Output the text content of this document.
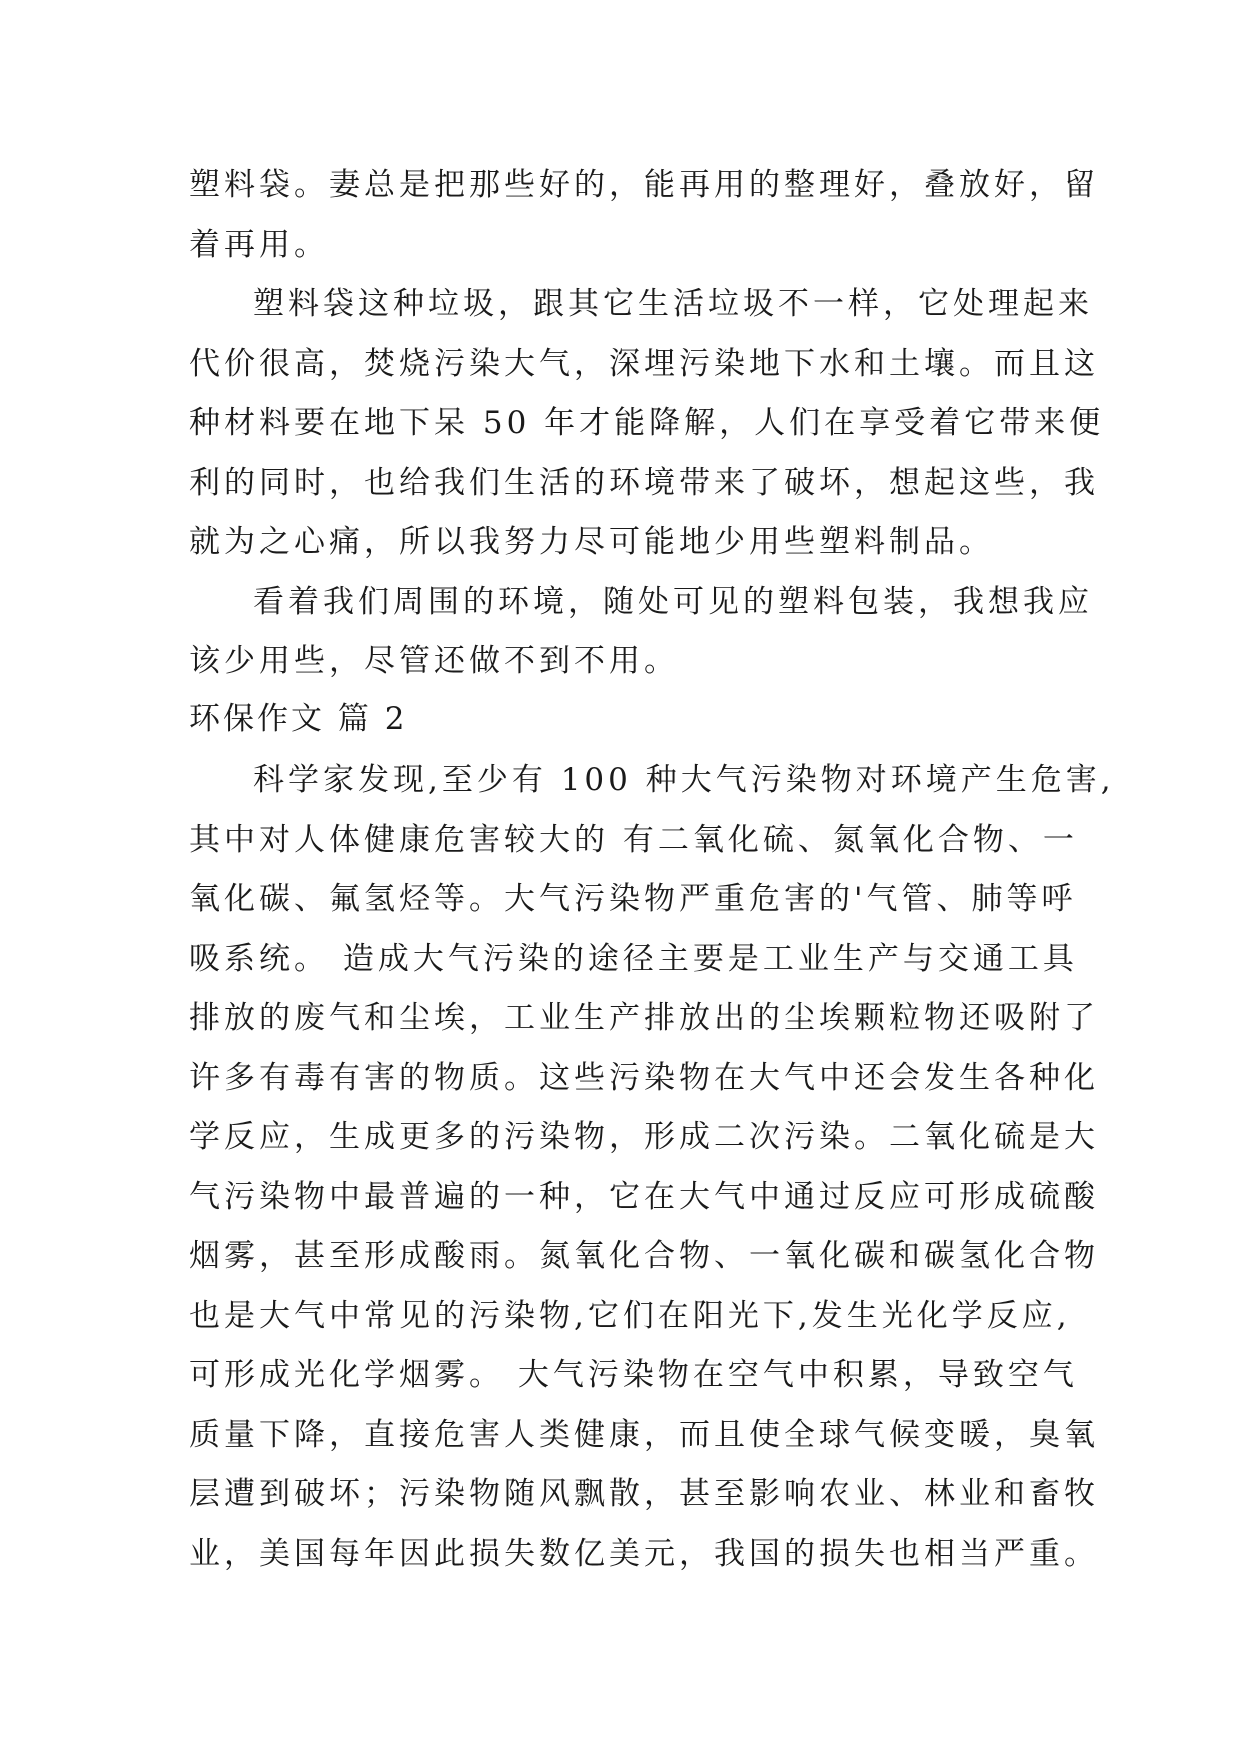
塑料袋。妻总是把那些好的，能再用的整理好，叠放好，留
着再用。
塑料袋这种垃圾，跟其它生活垃圾不一样，它处理起来
代价很高，焚烧污染大气，深埋污染地下水和土壤。而且这
种材料要在地下呆 50 年才能降解，人们在享受着它带来便
利的同时，也给我们生活的环境带来了破坏，想起这些，我
就为之心痛，所以我努力尽可能地少用些塑料制品。
看着我们周围的环境，随处可见的塑料包装，我想我应
该少用些，尽管还做不到不用。
环保作文 篇 2
科学家发现,至少有 100 种大气污染物对环境产生危害,
其中对人体健康危害较大的 有二氧化硫、氮氧化合物、一
氧化碳、氟氢烃等。大气污染物严重危害的'气管、肺等呼
吸系统。 造成大气污染的途径主要是工业生产与交通工具
排放的废气和尘埃，工业生产排放出的尘埃颗粒物还吸附了
许多有毒有害的物质。这些污染物在大气中还会发生各种化
学反应，生成更多的污染物，形成二次污染。二氧化硫是大
气污染物中最普遍的一种，它在大气中通过反应可形成硫酸
烟雾，甚至形成酸雨。氮氧化合物、一氧化碳和碳氢化合物
也是大气中常见的污染物,它们在阳光下,发生光化学反应,
可形成光化学烟雾。 大气污染物在空气中积累，导致空气
质量下降，直接危害人类健康，而且使全球气候变暖，臭氧
层遭到破坏；污染物随风飘散，甚至影响农业、林业和畜牧
业，美国每年因此损失数亿美元，我国的损失也相当严重。
